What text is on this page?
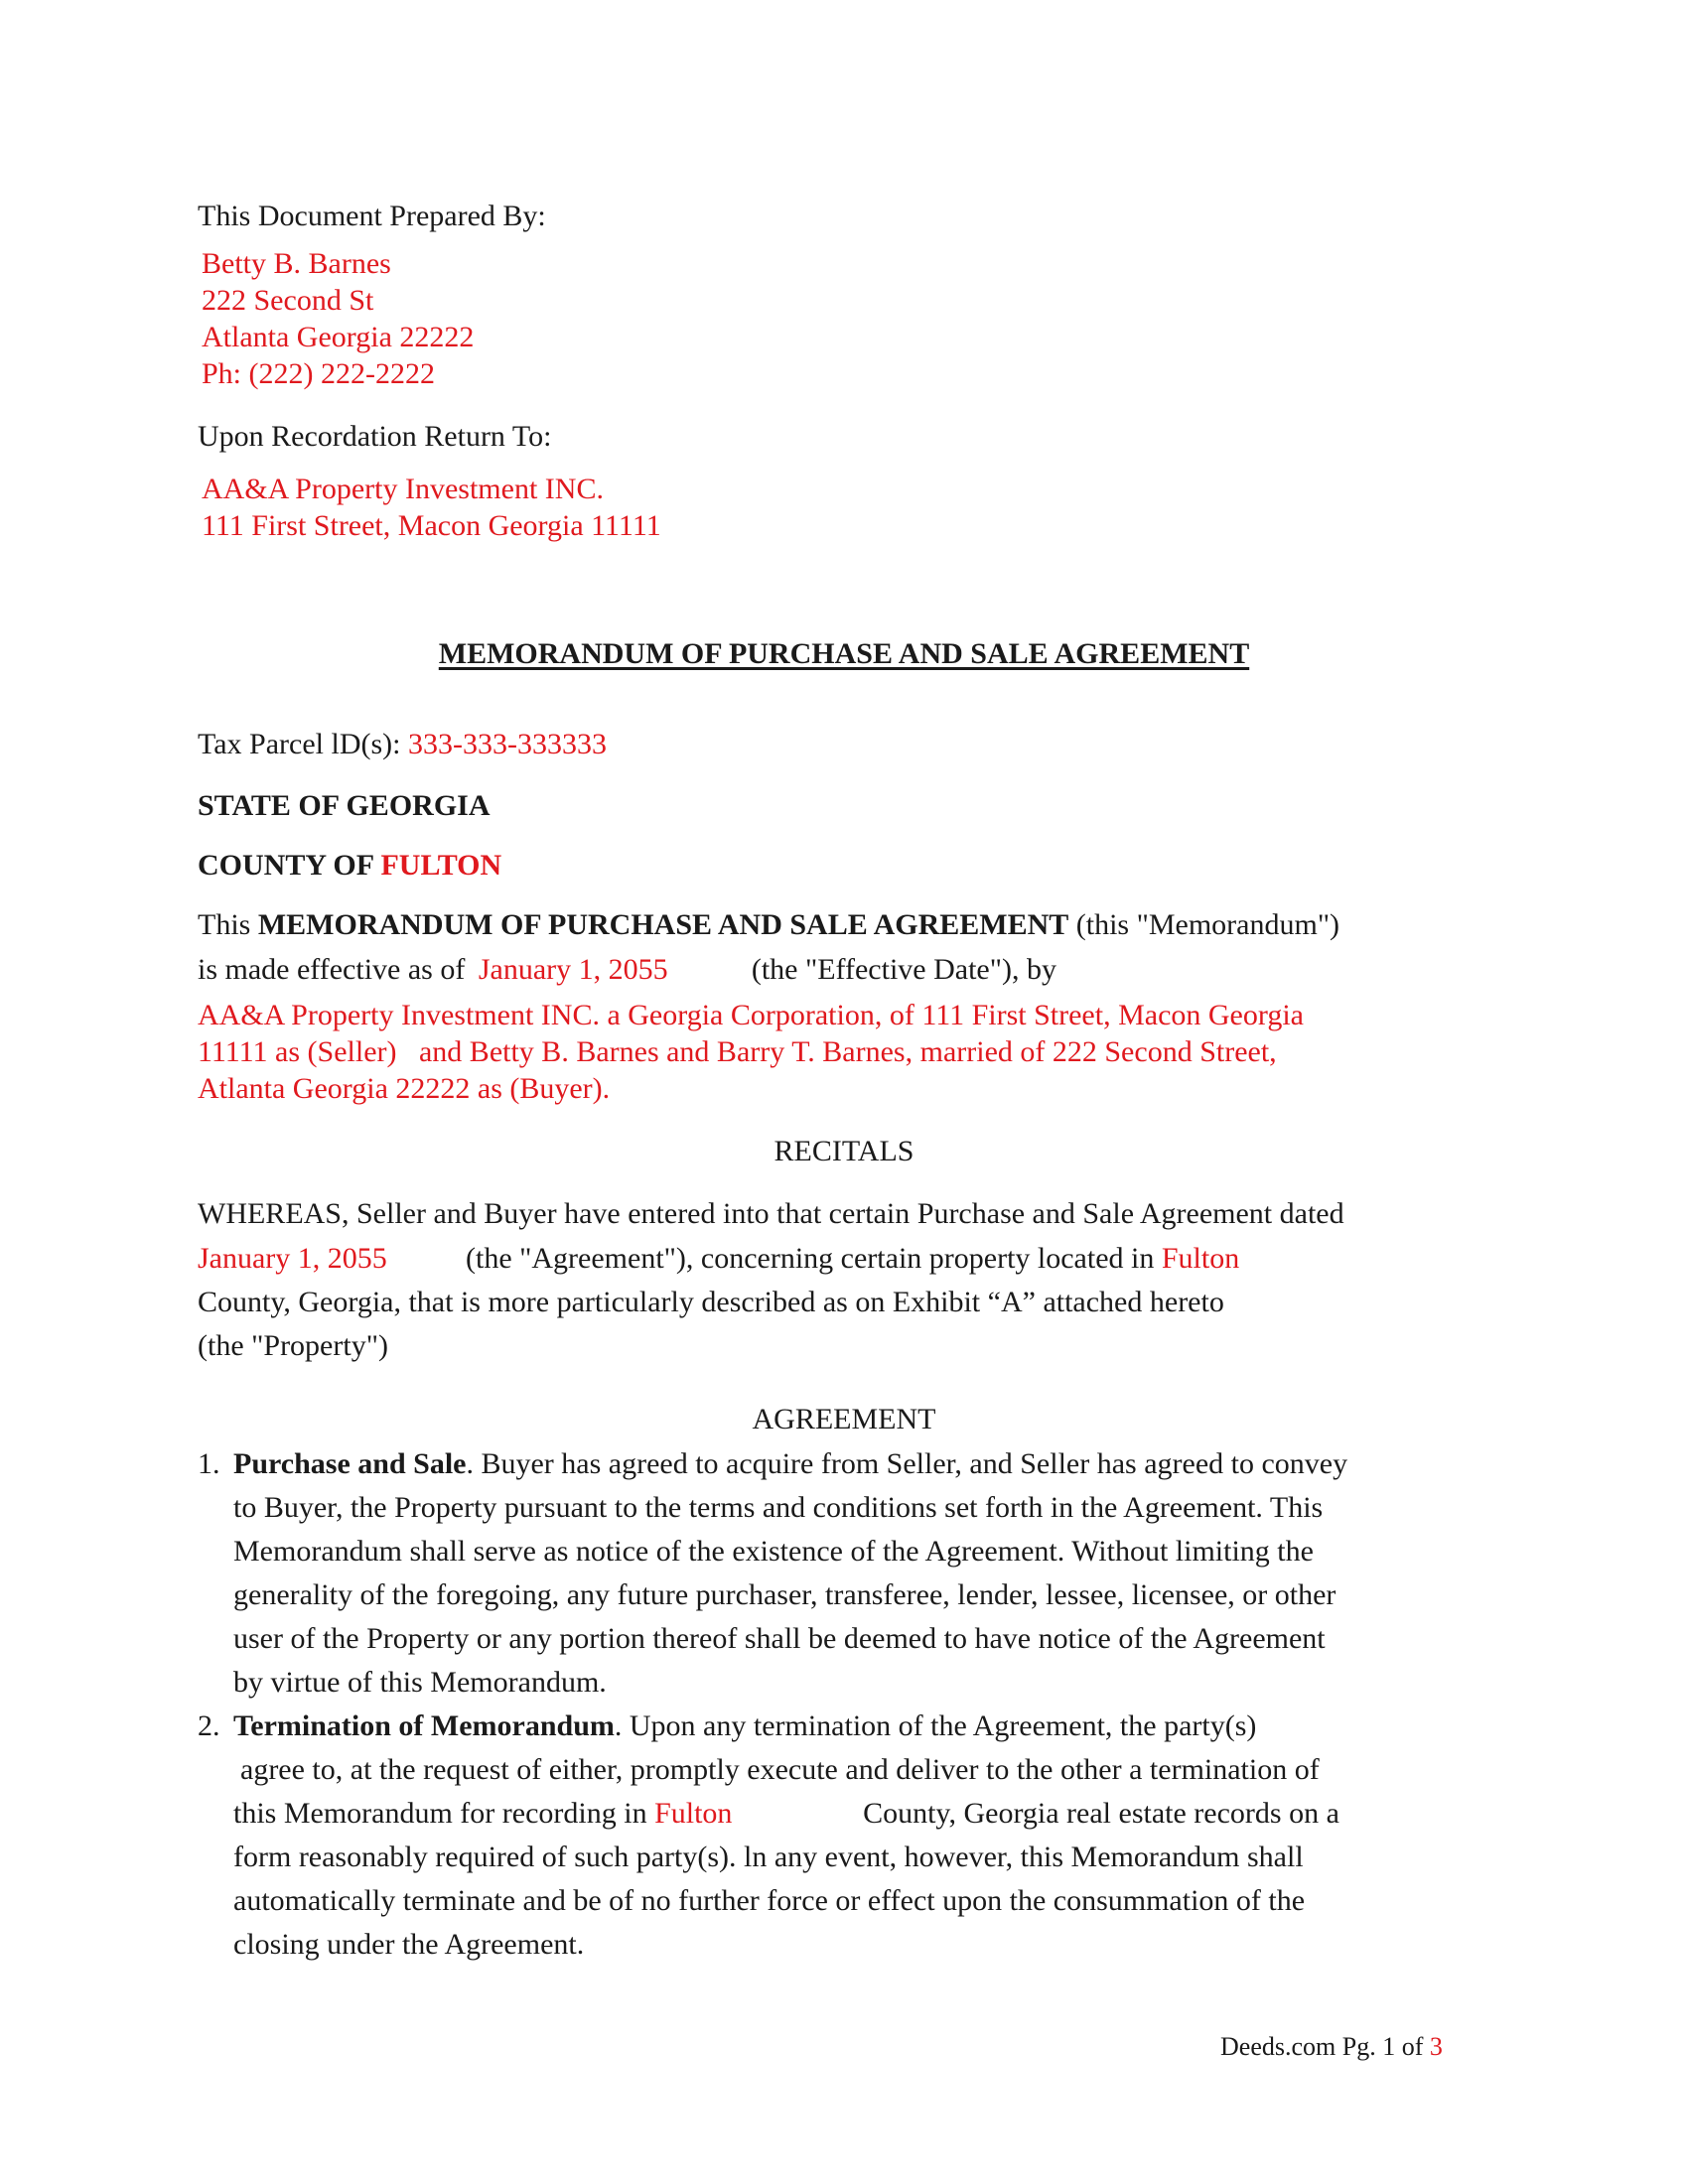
This Document Prepared By:
Betty B. Barnes
222 Second St
Atlanta Georgia 22222
Ph: (222) 222-2222
Upon Recordation Return To:
AA&A Property Investment INC.
111 First Street, Macon Georgia 11111
MEMORANDUM OF PURCHASE AND SALE AGREEMENT
Tax Parcel lD(s): 333-333-333333
STATE OF GEORGIA
COUNTY OF FULTON
This MEMORANDUM OF PURCHASE AND SALE AGREEMENT (this "Memorandum")
is made effective as of January 1, 2055	(the "Effective Date"), by
AA&A Property Investment INC. a Georgia Corporation, of 111 First Street, Macon Georgia
11111 as (Seller)   and Betty B. Barnes and Barry T. Barnes, married of 222 Second Street,
Atlanta Georgia 22222 as (Buyer).
RECITALS
WHEREAS, Seller and Buyer have entered into that certain Purchase and Sale Agreement dated
January 1, 2055	(the "Agreement"), concerning certain property located in Fulton
County, Georgia, that is more particularly described as on Exhibit “A” attached hereto
(the "Property")
AGREEMENT
1. Purchase and Sale. Buyer has agreed to acquire from Seller, and Seller has agreed to convey
to Buyer, the Property pursuant to the terms and conditions set forth in the Agreement. This
Memorandum shall serve as notice of the existence of the Agreement. Without limiting the
generality of the foregoing, any future purchaser, transferee, lender, lessee, licensee, or other
user of the Property or any portion thereof shall be deemed to have notice of the Agreement
by virtue of this Memorandum.
2. Termination of Memorandum. Upon any termination of the Agreement, the party(s)
agree to, at the request of either, promptly execute and deliver to the other a termination of
this Memorandum for recording in Fulton	County, Georgia real estate records on a
form reasonably required of such party(s). ln any event, however, this Memorandum shall
automatically terminate and be of no further force or effect upon the consummation of the
closing under the Agreement.
Deeds.com Pg. 1 of 3
